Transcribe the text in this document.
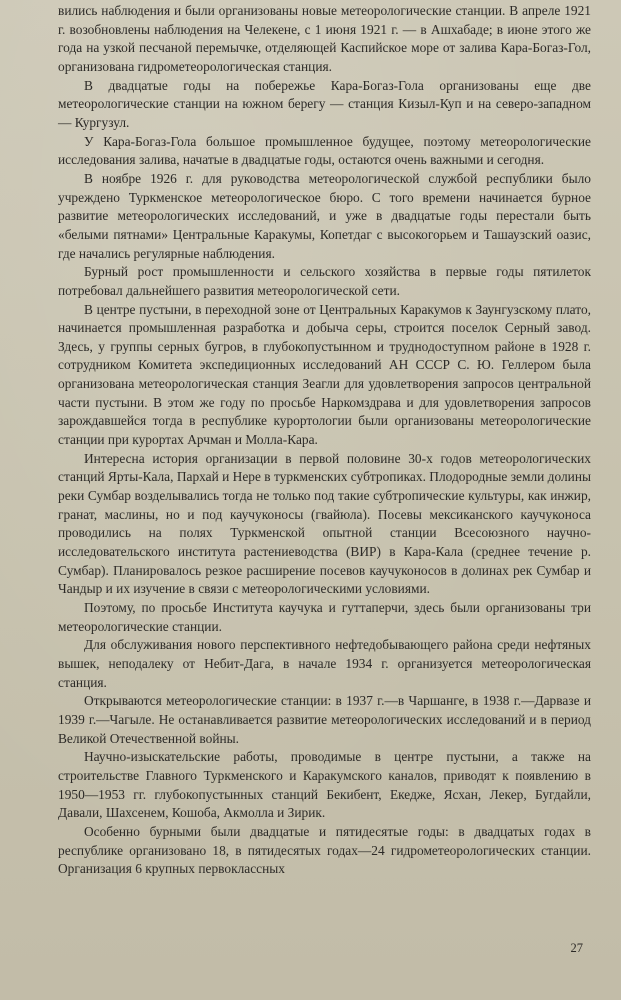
вились наблюдения и были организованы новые метеорологические станции. В апреле 1921 г. возобновлены наблюдения на Челекене, с 1 июня 1921 г. — в Ашхабаде; в июне этого же года на узкой песчаной перемычке, отделяющей Каспийское море от залива Кара-Богаз-Гол, организована гидрометеорологическая станция.

В двадцатые годы на побережье Кара-Богаз-Гола организованы еще две метеорологические станции на южном берегу — станция Кизыл-Куп и на северо-западном — Кургузул.

У Кара-Богаз-Гола большое промышленное будущее, поэтому метеорологические исследования залива, начатые в двадцатые годы, остаются очень важными и сегодня.

В ноябре 1926 г. для руководства метеорологической службой республики было учреждено Туркменское метеорологическое бюро. С того времени начинается бурное развитие метеорологических исследований, и уже в двадцатые годы перестали быть «белыми пятнами» Центральные Каракумы, Копетдаг с высокогорьем и Ташаузский оазис, где начались регулярные наблюдения.

Бурный рост промышленности и сельского хозяйства в первые годы пятилеток потребовал дальнейшего развития метеорологической сети.

В центре пустыни, в переходной зоне от Центральных Каракумов к Заунгузскому плато, начинается промышленная разработка и добыча серы, строится поселок Серный завод. Здесь, у группы серных бугров, в глубокопустынном и труднодоступном районе в 1928 г. сотрудником Комитета экспедиционных исследований АН СССР С. Ю. Геллером была организована метеорологическая станция Зеагли для удовлетворения запросов центральной части пустыни. В этом же году по просьбе Наркомздрава и для удовлетворения запросов зарождавшейся тогда в республике курортологии были организованы метеорологические станции при курортах Арчман и Молла-Кара.

Интересна история организации в первой половине 30-х годов метеорологических станций Ярты-Кала, Пархай и Нере в туркменских субтропиках. Плодородные земли долины реки Сумбар возделывались тогда не только под такие субтропические культуры, как инжир, гранат, маслины, но и под каучуконосы (гвайюла). Посевы мексиканского каучуконоса проводились на полях Туркменской опытной станции Всесоюзного научно-исследовательского института растениеводства (ВИР) в Кара-Кала (среднее течение р. Сумбар). Планировалось резкое расширение посевов каучуконосов в долинах рек Сумбар и Чандыр и их изучение в связи с метеорологическими условиями.

Поэтому, по просьбе Института каучука и гуттаперчи, здесь были организованы три метеорологические станции.

Для обслуживания нового перспективного нефтедобывающего района среди нефтяных вышек, неподалеку от Небит-Дага, в начале 1934 г. организуется метеорологическая станция.

Открываются метеорологические станции: в 1937 г.—в Чаршанге, в 1938 г.—Дарвазе и 1939 г.—Чагыле. Не останавливается развитие метеорологических исследований и в период Великой Отечественной войны.

Научно-изыскательские работы, проводимые в центре пустыни, а также на строительстве Главного Туркменского и Каракумского каналов, приводят к появлению в 1950—1953 гг. глубокопустынных станций Бекибент, Екедже, Ясхан, Лекер, Бугдайли, Давали, Шахсенем, Кошоба, Акмолла и Зирик.

Особенно бурными были двадцатые и пятидесятые годы: в двадцатых годах в республике организовано 18, в пятидесятых годах—24 гидрометеорологических станции. Организация 6 крупных первоклассных

27
